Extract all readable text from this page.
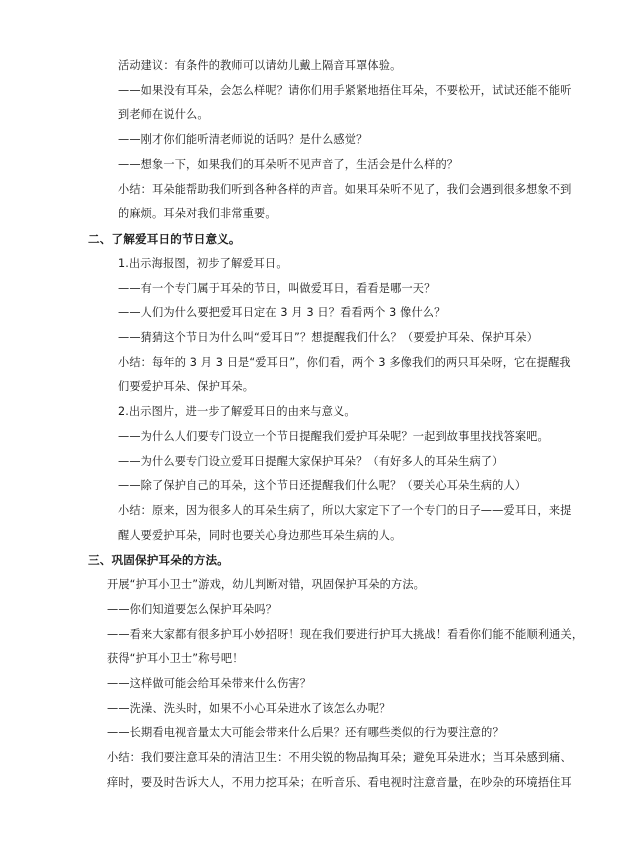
活动建议：有条件的教师可以请幼儿戴上隔音耳罩体验。
——如果没有耳朵，会怎么样呢？请你们用手紧紧地捂住耳朵，不要松开，试试还能不能听
到老师在说什么。
——刚才你们能听清老师说的话吗？是什么感觉？
——想象一下，如果我们的耳朵听不见声音了，生活会是什么样的？
小结：耳朵能帮助我们听到各种各样的声音。如果耳朵听不见了，我们会遇到很多想象不到
的麻烦。耳朵对我们非常重要。
二、了解爱耳日的节日意义。
1.出示海报图，初步了解爱耳日。
——有一个专门属于耳朵的节日，叫做爱耳日，看看是哪一天？
——人们为什么要把爱耳日定在 3 月 3 日？看看两个 3 像什么？
——猜猜这个节日为什么叫“爱耳日”？想提醒我们什么？（要爱护耳朵、保护耳朵）
小结：每年的 3 月 3 日是“爱耳日”，你们看，两个 3 多像我们的两只耳朵呀，它在提醒我
们要爱护耳朵、保护耳朵。
2.出示图片，进一步了解爱耳日的由来与意义。
——为什么人们要专门设立一个节日提醒我们爱护耳朵呢？一起到故事里找找答案吧。
——为什么要专门设立爱耳日提醒大家保护耳朵？（有好多人的耳朵生病了）
——除了保护自己的耳朵，这个节日还提醒我们什么呢？（要关心耳朵生病的人）
小结：原来，因为很多人的耳朵生病了，所以大家定下了一个专门的日子——爱耳日，来提
醒人要爱护耳朵，同时也要关心身边那些耳朵生病的人。
三、巩固保护耳朵的方法。
开展“护耳小卫士”游戏，幼儿判断对错，巩固保护耳朵的方法。
——你们知道要怎么保护耳朵吗？
——看来大家都有很多护耳小妙招呀！现在我们要进行护耳大挑战！看看你们能不能顺利通关，
获得“护耳小卫士”称号吧！
——这样做可能会给耳朵带来什么伤害？
——洗澡、洗头时，如果不小心耳朵进水了该怎么办呢？
——长期看电视音量太大可能会带来什么后果？还有哪些类似的行为要注意的？
小结：我们要注意耳朵的清洁卫生：不用尖锐的物品掏耳朵；避免耳朵进水；当耳朵感到痛、
痒时，要及时告诉大人，不用力挖耳朵；在听音乐、看电视时注意音量，在吵杂的环境捂住耳
